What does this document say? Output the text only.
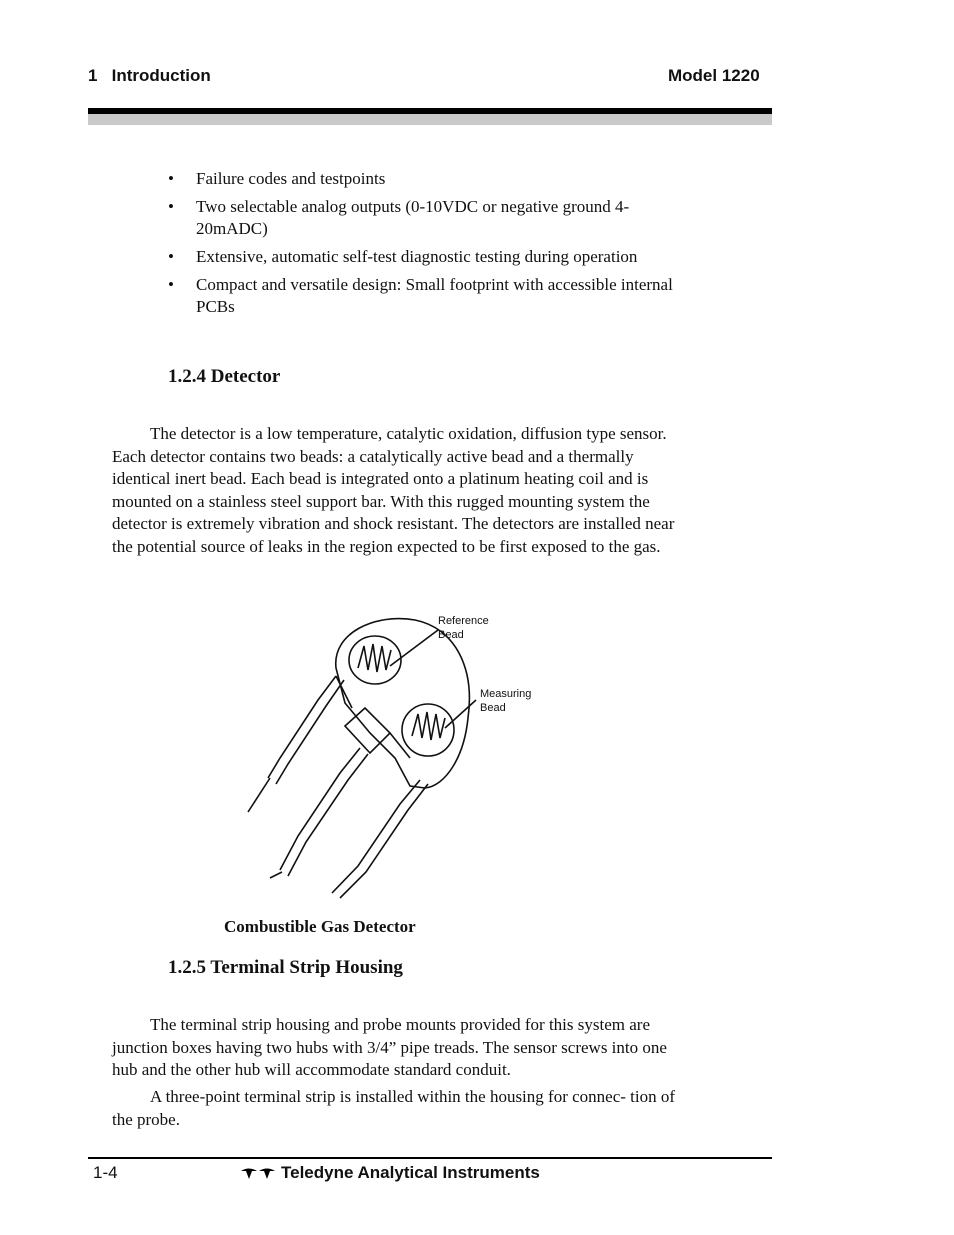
1   Introduction	Model 1220
• Failure codes and testpoints
• Two selectable analog outputs (0-10VDC or negative ground 4-20mADC)
• Extensive, automatic self-test diagnostic testing during operation
• Compact and versatile design: Small footprint with accessible internal PCBs
1.2.4 Detector

The detector is a low temperature, catalytic oxidation, diffusion type sensor. Each detector contains two beads: a catalytically active bead and a thermally identical inert bead. Each bead is integrated onto a platinum heating coil and is mounted on a stainless steel support bar. With this rugged mounting system the detector is extremely vibration and shock resistant. The detectors are installed near the potential source of leaks in the region expected to be first exposed to the gas.

Reference
Bead
Measuring
Bead
Combustible Gas Detector
1.2.5 Terminal Strip Housing

The terminal strip housing and probe mounts provided for this system are junction boxes having two hubs with 3/4” pipe treads. The sensor screws into one hub and the other hub will accommodate standard conduit.

A three-point terminal strip is installed within the housing for connec- tion of the probe.

1-4	Teledyne Analytical Instruments
